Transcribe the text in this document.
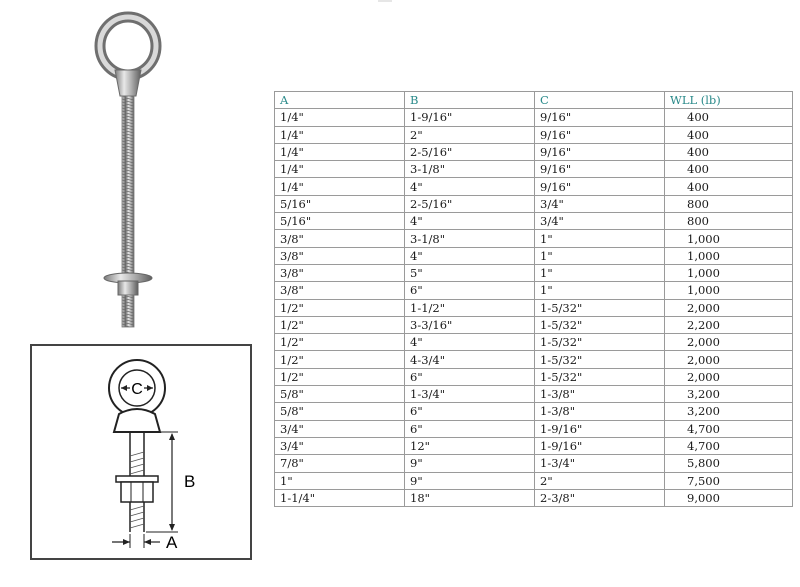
C
B
A
A	B	C	WLL (lb)
1/4"	1-9/16"	9/16"	400
1/4"	2"	9/16"	400
1/4"	2-5/16"	9/16"	400
1/4"	3-1/8"	9/16"	400
1/4"	4"	9/16"	400
5/16"	2-5/16"	3/4"	800
5/16"	4"	3/4"	800
3/8"	3-1/8"	1"	1,000
3/8"	4"	1"	1,000
3/8"	5"	1"	1,000
3/8"	6"	1"	1,000
1/2"	1-1/2"	1-5/32"	2,000
1/2"	3-3/16"	1-5/32"	2,200
1/2"	4"	1-5/32"	2,000
1/2"	4-3/4"	1-5/32"	2,000
1/2"	6"	1-5/32"	2,000
5/8"	1-3/4"	1-3/8"	3,200
5/8"	6"	1-3/8"	3,200
3/4"	6"	1-9/16"	4,700
3/4"	12"	1-9/16"	4,700
7/8"	9"	1-3/4"	5,800
1"	9"	2"	7,500
1-1/4"	18"	2-3/8"	9,000
